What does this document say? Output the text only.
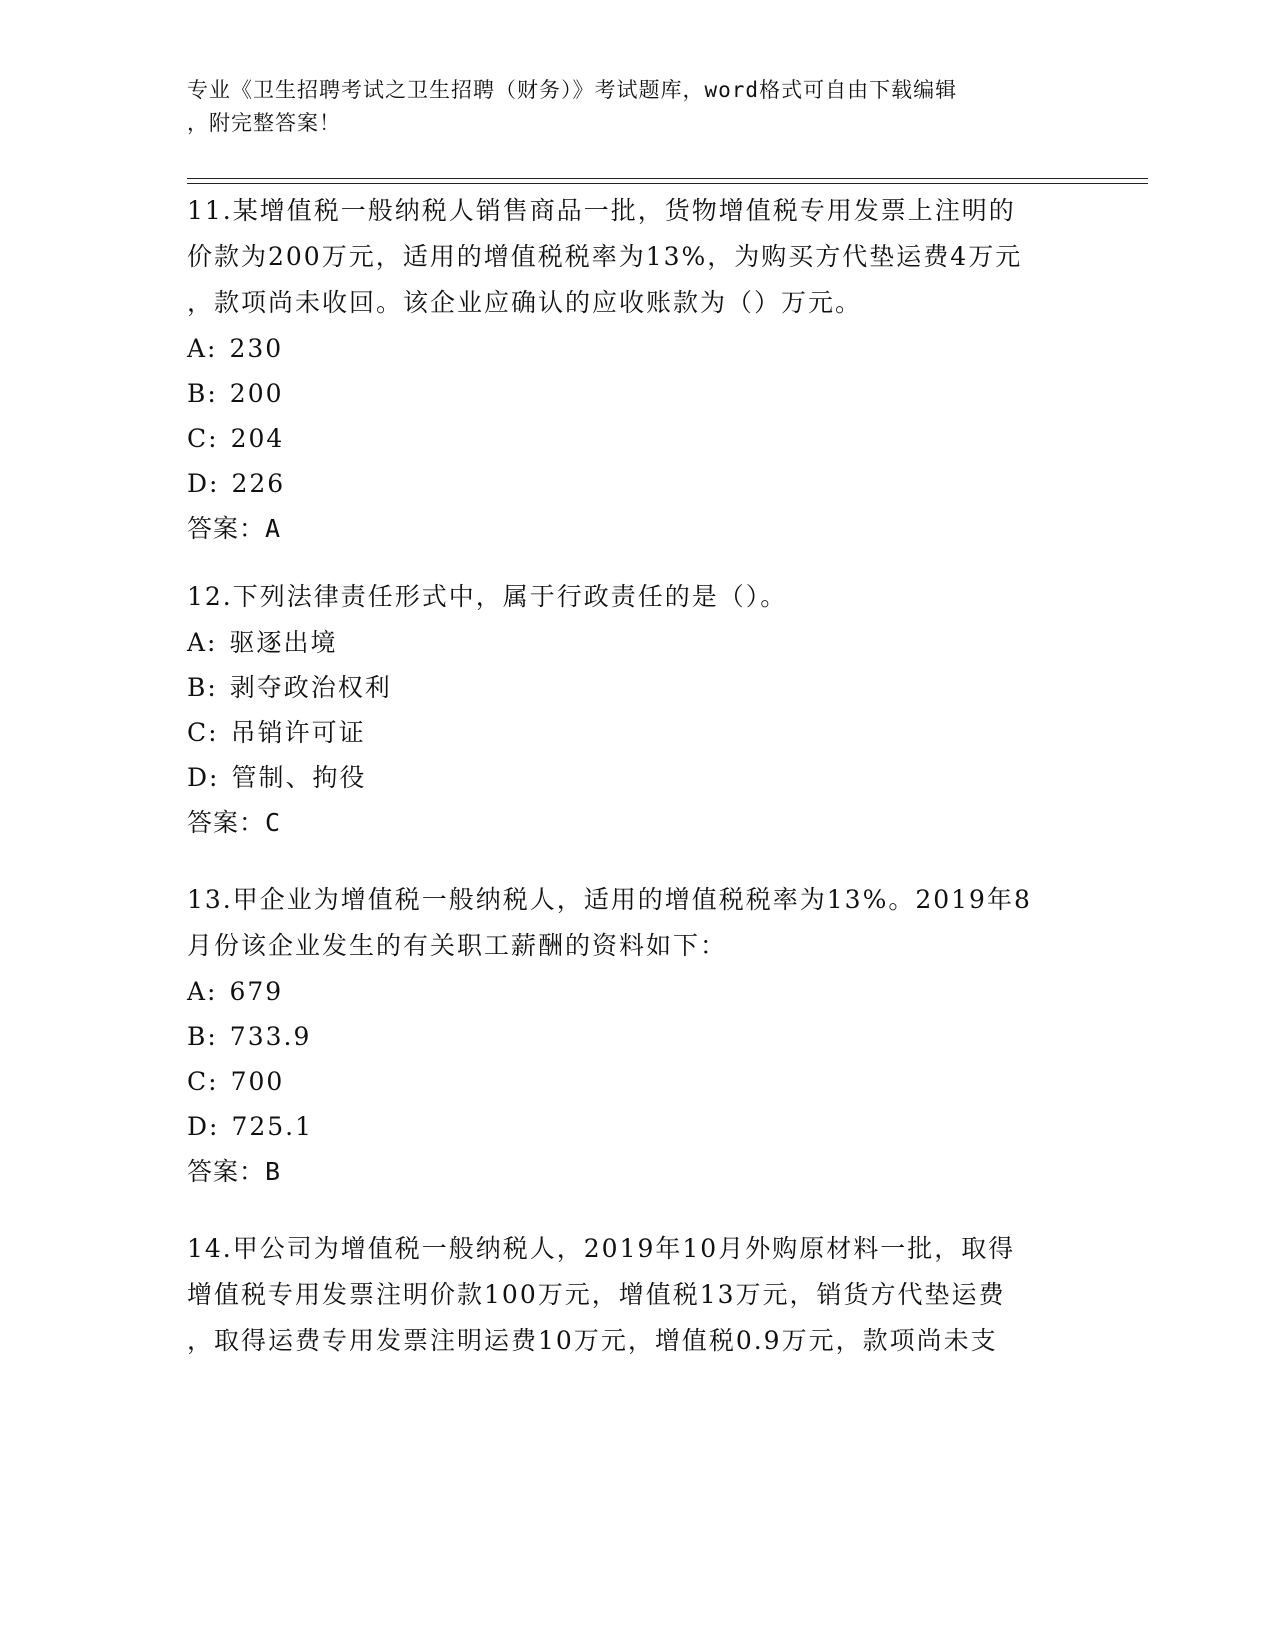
专业《卫生招聘考试之卫生招聘（财务）》考试题库，word格式可自由下载编辑
，附完整答案！
11.某增值税一般纳税人销售商品一批，货物增值税专用发票上注明的
价款为200万元，适用的增值税税率为13%，为购买方代垫运费4万元
，款项尚未收回。该企业应确认的应收账款为（）万元。
A: 230
B: 200
C: 204
D: 226
答案：A
12.下列法律责任形式中，属于行政责任的是（）。
A: 驱逐出境
B: 剥夺政治权利
C: 吊销许可证
D: 管制、拘役
答案：C
13.甲企业为增值税一般纳税人，适用的增值税税率为13%。2019年8
月份该企业发生的有关职工薪酬的资料如下：
A: 679
B: 733.9
C: 700
D: 725.1
答案：B
14.甲公司为增值税一般纳税人，2019年10月外购原材料一批，取得
增值税专用发票注明价款100万元，增值税13万元，销货方代垫运费
，取得运费专用发票注明运费10万元，增值税0.9万元，款项尚未支
